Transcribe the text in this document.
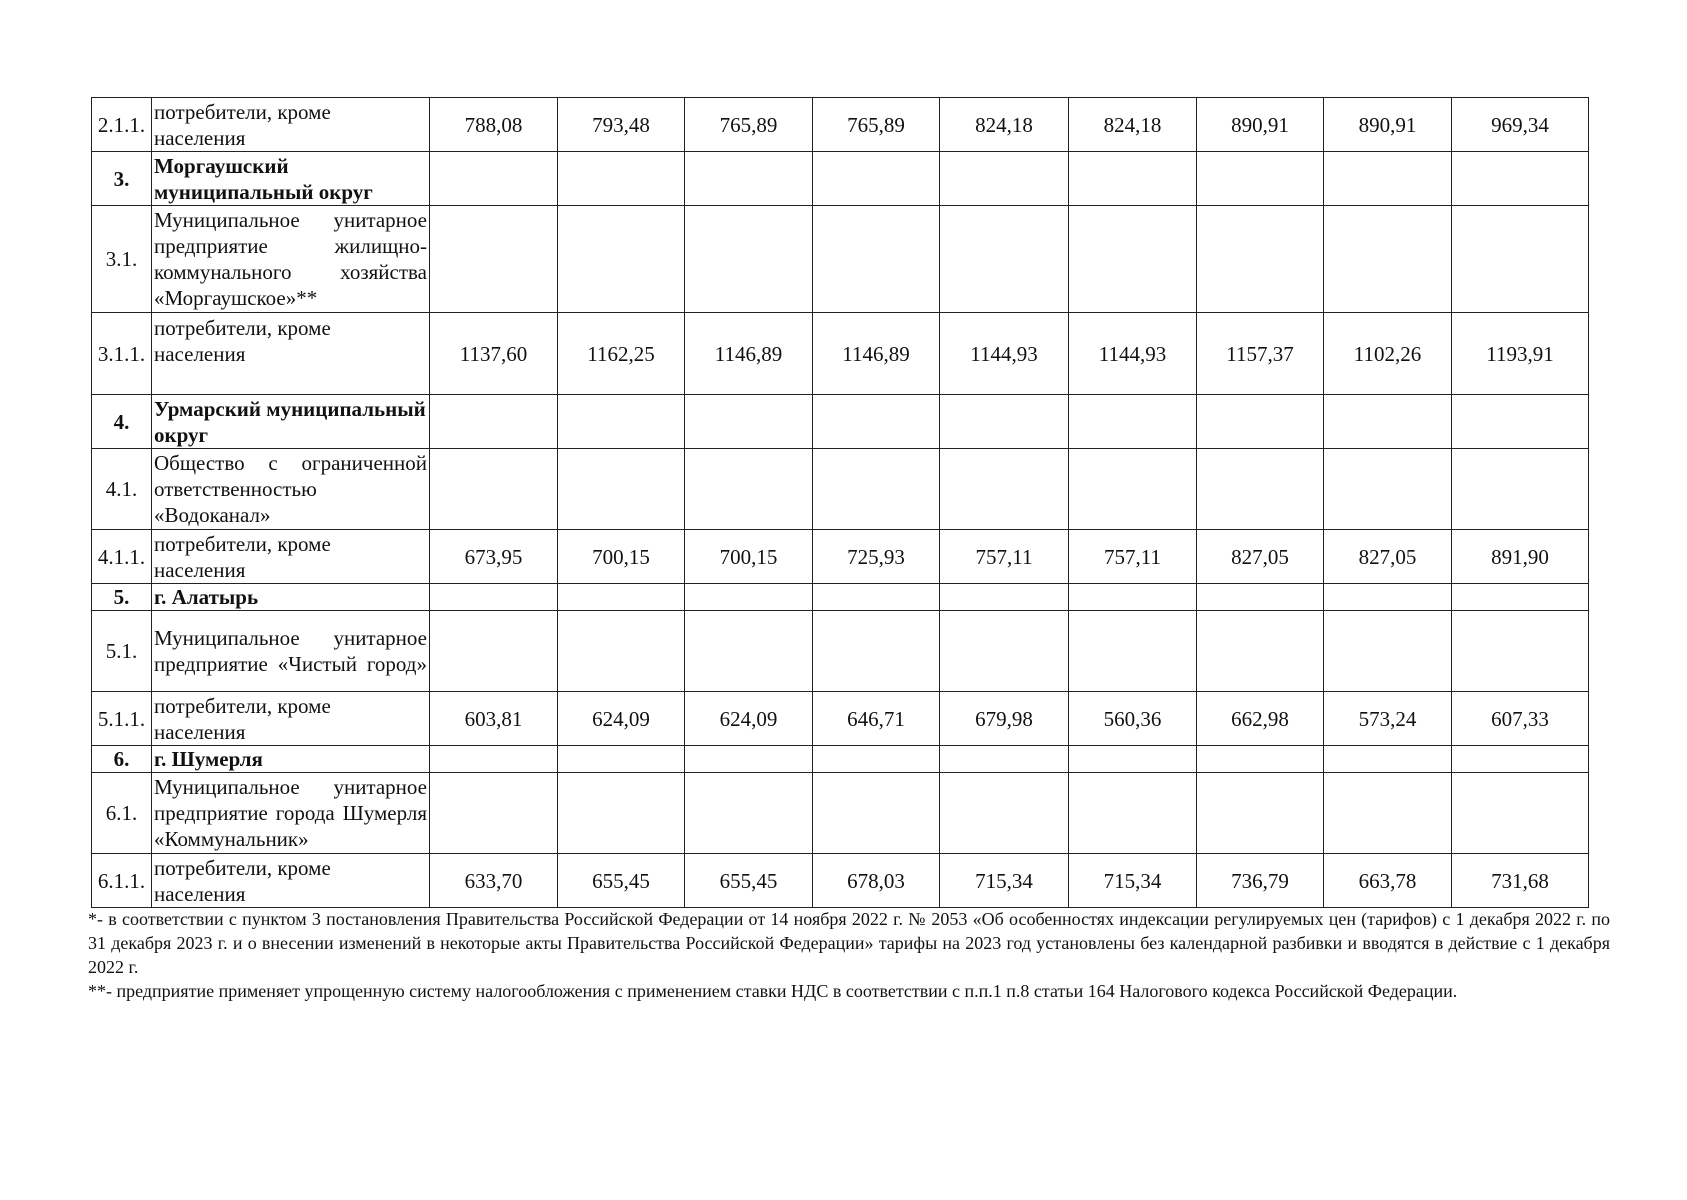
2.1.1.	потребители, кроме населения	788,08	793,48	765,89	765,89	824,18	824,18	890,91	890,91	969,34
3.	Моргаушский муниципальный округ									
3.1.	Муниципальное унитарное предприятие жилищно-коммунального хозяйства «Моргаушское»**									
3.1.1.	потребители, кроме населения	1137,60	1162,25	1146,89	1146,89	1144,93	1144,93	1157,37	1102,26	1193,91
4.	Урмарский муниципальный округ									
4.1.	Общество с ограниченной ответственностью «Водоканал»									
4.1.1.	потребители, кроме населения	673,95	700,15	700,15	725,93	757,11	757,11	827,05	827,05	891,90
5.	г. Алатырь									
5.1.	Муниципальное унитарное предприятие «Чистый город»									
5.1.1.	потребители, кроме населения	603,81	624,09	624,09	646,71	679,98	560,36	662,98	573,24	607,33
6.	г. Шумерля									
6.1.	Муниципальное унитарное предприятие города Шумерля «Коммунальник»									
6.1.1.	потребители, кроме населения	633,70	655,45	655,45	678,03	715,34	715,34	736,79	663,78	731,68

*- в соответствии с пунктом 3 постановления Правительства Российской Федерации от 14 ноября 2022 г. № 2053 «Об особенностях индексации регулируемых цен (тарифов) с 1 декабря 2022 г. по 31 декабря 2023 г. и о внесении изменений в некоторые акты Правительства Российской Федерации» тарифы на 2023 год установлены без календарной разбивки и вводятся в действие с 1 декабря 2022 г.

**- предприятие применяет упрощенную систему налогообложения с применением ставки НДС в соответствии с п.п.1 п.8 статьи 164 Налогового кодекса Российской Федерации.
